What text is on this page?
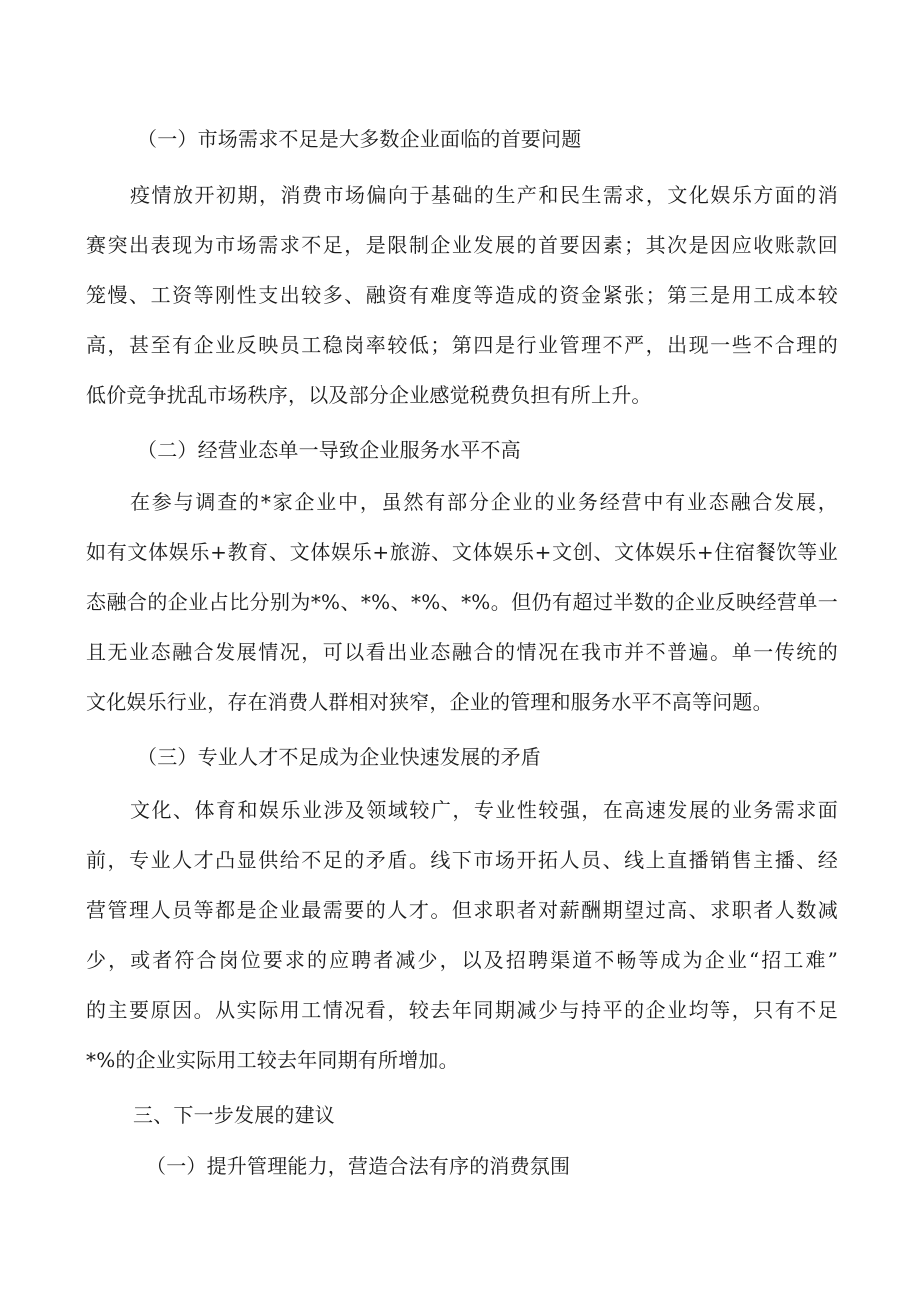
（一）市场需求不足是大多数企业面临的首要问题
疫情放开初期，消费市场偏向于基础的生产和民生需求，文化娱乐方面的消
赛突出表现为市场需求不足，是限制企业发展的首要因素；其次是因应收账款回
笼慢、工资等刚性支出较多、融资有难度等造成的资金紧张；第三是用工成本较
高，甚至有企业反映员工稳岗率较低；第四是行业管理不严，出现一些不合理的
低价竞争扰乱市场秩序，以及部分企业感觉税费负担有所上升。
（二）经营业态单一导致企业服务水平不高
在参与调查的*家企业中，虽然有部分企业的业务经营中有业态融合发展，
如有文体娱乐+教育、文体娱乐+旅游、文体娱乐+文创、文体娱乐+住宿餐饮等业
态融合的企业占比分别为*%、*%、*%、*%。但仍有超过半数的企业反映经营单一
且无业态融合发展情况，可以看出业态融合的情况在我市并不普遍。单一传统的
文化娱乐行业，存在消费人群相对狭窄，企业的管理和服务水平不高等问题。
（三）专业人才不足成为企业快速发展的矛盾
文化、体育和娱乐业涉及领域较广，专业性较强，在高速发展的业务需求面
前，专业人才凸显供给不足的矛盾。线下市场开拓人员、线上直播销售主播、经
营管理人员等都是企业最需要的人才。但求职者对薪酬期望过高、求职者人数减
少，或者符合岗位要求的应聘者减少，以及招聘渠道不畅等成为企业“招工难”
的主要原因。从实际用工情况看，较去年同期减少与持平的企业均等，只有不足
*%的企业实际用工较去年同期有所增加。
三、下一步发展的建议
（一）提升管理能力，营造合法有序的消费氛围
